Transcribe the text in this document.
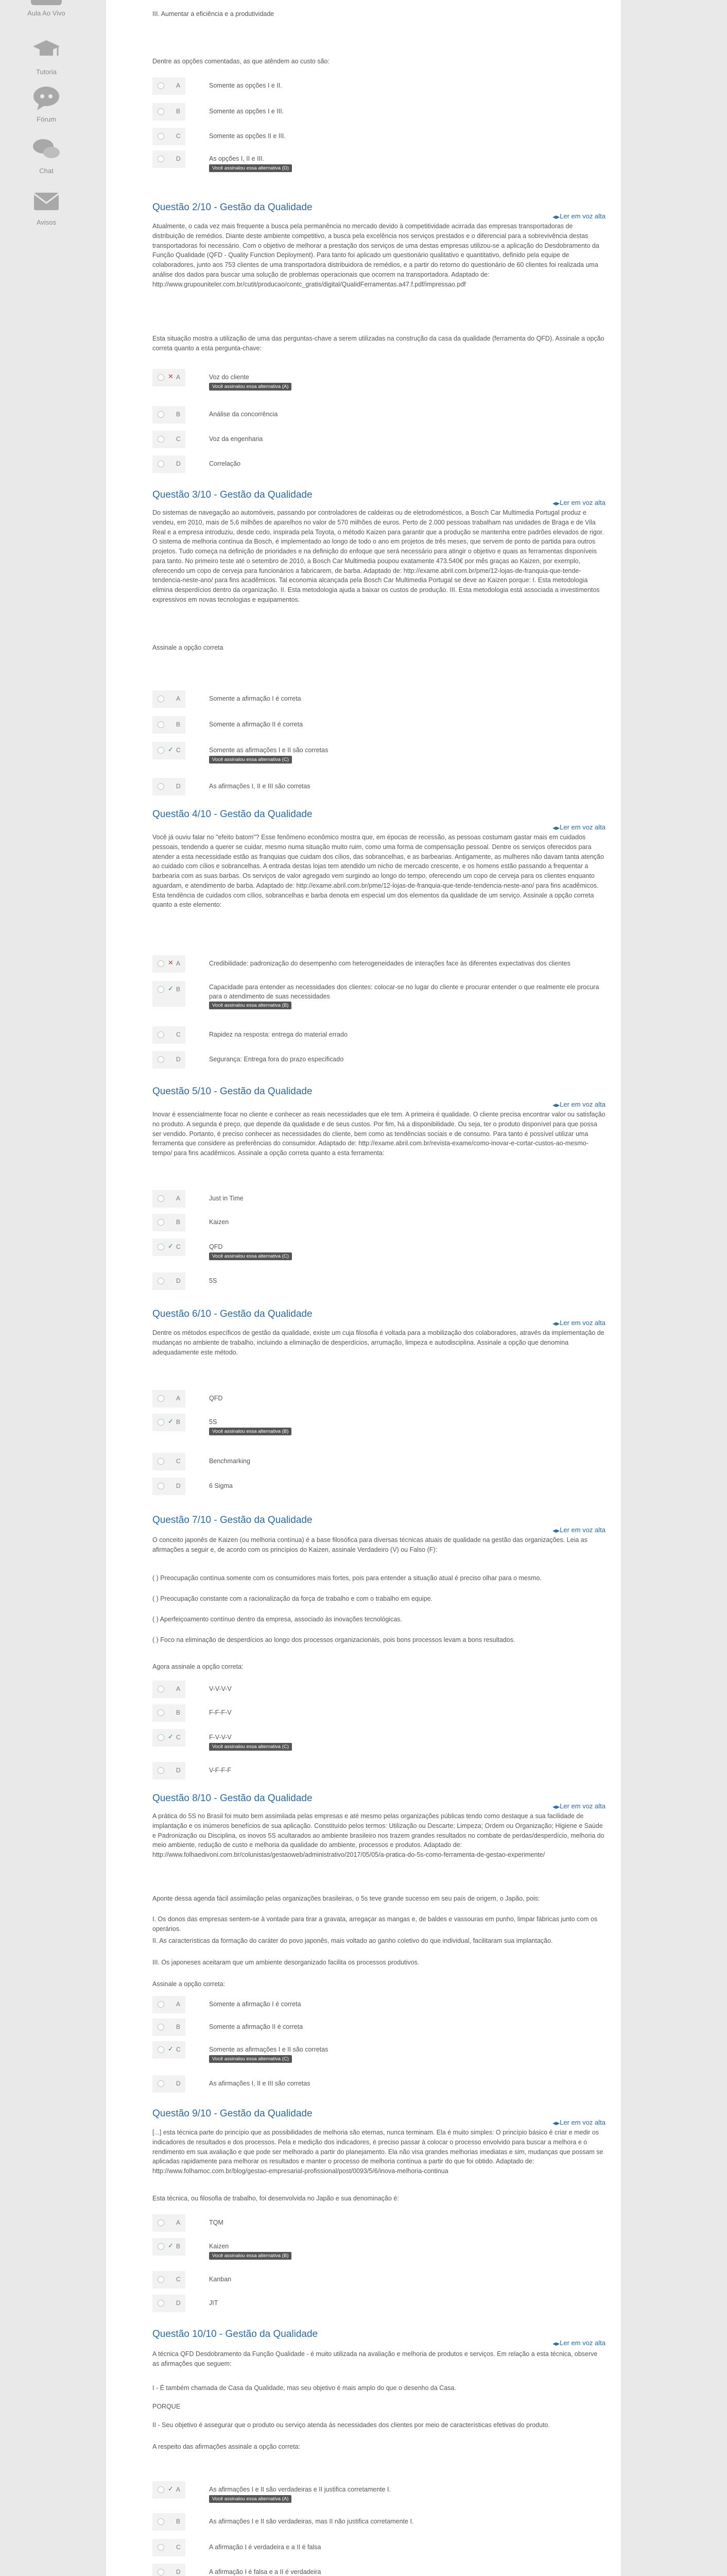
Aula Ao Vivo
Tutoria
Fórum
Chat
Avisos
III. Aumentar a eficiência e a produtividade
Dentre as opções comentadas, as que atêndem ao custo são:
A	Somente as opções I e II.
B	Somente as opções I e III.
C	Somente as opções II e III.
D	As opções I, II e III.
Você assinalou essa alternativa (D)
Questão 2/10 - Gestão da Qualidade
◀▶ Ler em voz alta
Atualmente, o cada vez mais frequente a busca pela permanência no mercado devido à competitividade acirrada das empresas transportadoras de distribuição de remédios. Diante deste ambiente competitivo, a busca pela excelência nos serviços prestados e o diferencial para a sobrevivência destas transportadoras foi necessário. Com o objetivo de melhorar a prestação dos serviços de uma destas empresas utilizou-se a aplicação do Desdobramento da Função Qualidade (QFD - Quality Function Deployment). Para tanto foi aplicado um questionário qualitativo e quantitativo, definido pela equipe de colaboradores, junto aos 753 clientes de uma transportadora distribuidora de remédios, e a partir do retorno do questionário de 60 clientes foi realizada uma análise dos dados para buscar uma solução de problemas operacionais que ocorrem na transportadora. Adaptado de: http://www.grupouniteler.com.br/cutit/producao/contc_gratis/digital/QualidFerramentas.a47.f.pdf/impressao.pdf
Esta situação mostra a utilização de uma das perguntas-chave a serem utilizadas na construção da casa da qualidade (ferramenta do QFD). Assinale a opção correta quanto a esta pergunta-chave:
✕ A	Voz do cliente
Você assinalou essa alternativa (A)
B	Análise da concorrência
C	Voz da engenharia
D	Correlação
Questão 3/10 - Gestão da Qualidade
◀▶ Ler em voz alta
Do sistemas de navegação ao automóveis, passando por controladores de caldeiras ou de eletrodomésticos, a Bosch Car Multimedia Portugal produz e vendeu, em 2010, mais de 5,6 milhões de aparelhos no valor de 570 milhões de euros. Perto de 2.000 pessoas trabalham nas unidades de Braga e de Vila Real e a empresa introduziu, desde cedo, inspirada pela Toyota, o método Kaizen para garantir que a produção se mantenha entre padrões elevados de rigor. O sistema de melhoria contínua da Bosch, é implementado ao longo de todo o ano em projetos de três meses, que servem de ponto de partida para outros projetos. Tudo começa na definição de prioridades e na definição do enfoque que será necessário para atingir o objetivo e quais as ferramentas disponíveis para tanto. No primeiro teste até o setembro de 2010, a Bosch Car Multimedia poupou exatamente 473.540€ por mês graças ao Kaizen, por exemplo, oferecendo um copo de cerveja para funcionários a fabricarem, de barba. Adaptado de: http://exame.abril.com.br/pme/12-lojas-de-franquia-que-tende-tendencia-neste-ano/ para fins acadêmicos. Tal economia alcançada pela Bosch Car Multimedia Portugal se deve ao Kaizen porque: I. Esta metodologia elimina desperdícios dentro da organização. II. Esta metodologia ajuda a baixar os custos de produção. III. Esta metodologia está associada a investimentos expressivos em novas tecnologias e equipamentos.
Assinale a opção correta
A	Somente a afirmação I é correta
B	Somente a afirmação II é correta
✓ C	Somente as afirmações I e II são corretas
Você assinalou essa alternativa (C)
D	As afirmações I, II e III são corretas
Questão 4/10 - Gestão da Qualidade
◀▶ Ler em voz alta
Você já ouviu falar no "efeito batom"? Esse fenômeno econômico mostra que, em épocas de recessão, as pessoas costumam gastar mais em cuidados pessoais, tendendo a querer se cuidar, mesmo numa situação muito ruim, como uma forma de compensação pessoal. Dentre os serviços oferecidos para atender a esta necessidade estão as franquias que cuidam dos cílios, das sobrancelhas, e as barbearias. Antigamente, as mulheres não davam tanta atenção ao cuidado com cílios e sobrancelhas. A entrada destas lojas tem atendido um nicho de mercado crescente, e os homens estão passando a frequentar a barbearia com as suas barbas. Os serviços de valor agregado vem surgindo ao longo do tempo, oferecendo um copo de cerveja para os clientes enquanto aguardam, e atendimento de barba. Adaptado de: http://exame.abril.com.br/pme/12-lojas-de-franquia-que-tende-tendencia-neste-ano/ para fins acadêmicos. Esta tendência de cuidados com cílios, sobrancelhas e barba denota em especial um dos elementos da qualidade de um serviço. Assinale a opção correta quanto a este elemento:
✕ A	Credibilidade: padronização do desempenho com heterogeneidades de interações face às diferentes expectativas dos clientes
✓ B	Capacidade para entender as necessidades dos clientes: colocar-se no lugar do cliente e procurar entender o que realmente ele procura para o atendimento de suas necessidades
Você assinalou essa alternativa (B)
C	Rapidez na resposta: entrega do material errado
D	Segurança: Entrega fora do prazo especificado
Questão 5/10 - Gestão da Qualidade
◀▶ Ler em voz alta
Inovar é essencialmente focar no cliente e conhecer as reais necessidades que ele tem. A primeira é qualidade. O cliente precisa encontrar valor ou satisfação no produto. A segunda é preço, que depende da qualidade e de seus custos. Por fim, há a disponibilidade. Ou seja, ter o produto disponível para que possa ser vendido. Portanto, é preciso conhecer as necessidades do cliente, bem como as tendências sociais e de consumo. Para tanto é possível utilizar uma ferramenta que considere as preferências do consumidor. Adaptado de: http://exame.abril.com.br/revista-exame/como-inovar-e-cortar-custos-ao-mesmo-tempo/ para fins acadêmicos. Assinale a opção correta quanto a esta ferramenta:
A	Just in Time
B	Kaizen
✓ C	QFD
Você assinalou essa alternativa (C)
D	5S
Questão 6/10 - Gestão da Qualidade
◀▶ Ler em voz alta
Dentre os métodos específicos de gestão da qualidade, existe um cuja filosofia é voltada para a mobilização dos colaboradores, através da implementação de mudanças no ambiente de trabalho, incluindo a eliminação de desperdícios, arrumação, limpeza e autodisciplina. Assinale a opção que denomina adequadamente este método.
A	QFD
✓ B	5S
Você assinalou essa alternativa (B)
C	Benchmarking
D	6 Sigma
Questão 7/10 - Gestão da Qualidade
◀▶ Ler em voz alta
O conceito japonês de Kaizen (ou melhoria contínua) é a base filosófica para diversas técnicas atuais de qualidade na gestão das organizações. Leia as afirmações a seguir e, de acordo com os princípios do Kaizen, assinale Verdadeiro (V) ou Falso (F):
( ) Preocupação contínua somente com os consumidores mais fortes, pois para entender a situação atual é preciso olhar para o mesmo.
( ) Preocupação constante com a racionalização da força de trabalho e com o trabalho em equipe.
( ) Aperfeiçoamento contínuo dentro da empresa, associado às inovações tecnológicas.
( ) Foco na eliminação de desperdícios ao longo dos processos organizacionais, pois bons processos levam a bons resultados.
Agora assinale a opção correta:
A	V-V-V-V
B	F-F-F-V
✓ C	F-V-V-V
Você assinalou essa alternativa (C)
D	V-F-F-F
Questão 8/10 - Gestão da Qualidade
◀▶ Ler em voz alta
A prática do 5S no Brasil foi muito bem assimilada pelas empresas e até mesmo pelas organizações públicas tendo como destaque a sua facilidade de implantação e os inúmeros benefícios de sua aplicação. Constituído pelos termos: Utilização ou Descarte; Limpeza; Ordem ou Organização; Higiene e Saúde e Padronização ou Disciplina, os inovos 5S acultarados ao ambiente brasileiro nos trazem grandes resultados no combate de perdas/desperdício, melhoria do meio ambiente, redução de custo e melhoria da qualidade do ambiente, processos e produtos. Adaptado de: http://www.folhaedivoni.com.br/colunistas/gestaoweb/administrativo/2017/05/05/a-pratica-do-5s-como-ferramenta-de-gestao-experimente/
Aponte dessa agenda fácil assimilação pelas organizações brasileiras, o 5s teve grande sucesso em seu país de origem, o Japão, pois:
I. Os donos das empresas sentem-se à vontade para tirar a gravata, arregaçar as mangas e, de baldes e vassouras em punho, limpar fábricas junto com os operários.
II. As características da formação do caráter do povo japonês, mais voltado ao ganho coletivo do que individual, facilitaram sua implantação.
III. Os japoneses aceitaram que um ambiente desorganizado facilita os processos produtivos.
Assinale a opção correta:
A	Somente a afirmação I é correta
B	Somente a afirmação II é correta
✓ C	Somente as afirmações I e II são corretas
Você assinalou essa alternativa (C)
D	As afirmações I, II e III são corretas
Questão 9/10 - Gestão da Qualidade
◀▶ Ler em voz alta
[...] esta técnica parte do princípio que as possibilidades de melhoria são eternas, nunca terminam. Ela é muito simples: O princípio básico é criar e medir os indicadores de resultados e dos processos. Pela e medição dos indicadores, é preciso passar à colocar o processo envolvido para buscar a melhora e o rendimento em sua avaliação e que pode ser melhorado a partir do planejamento. Ela não visa grandes melhorias imediatas e sim, mudanças que possam se aplicadas rapidamente para melhorar os resultados e manter o processo de melhoria contínua a partir do que foi obtido. Adaptado de: http://www.folhamoc.com.br/blog/gestao-empresarial-profissional/post/0093/5/6/inova-melhoria-continua
Esta técnica, ou filosofia de trabalho, foi desenvolvida no Japão e sua denominação é:
A	TQM
✓ B	Kaizen
Você assinalou essa alternativa (B)
C	Kanban
D	JIT
Questão 10/10 - Gestão da Qualidade
◀▶ Ler em voz alta
A técnica QFD Desdobramento da Função Qualidade - é muito utilizada na avaliação e melhoria de produtos e serviços. Em relação a esta técnica, observe as afirmações que seguem:
I - É também chamada de Casa da Qualidade, mas seu objetivo é mais amplo do que o desenho da Casa.
PORQUE
II - Seu objetivo é assegurar que o produto ou serviço atenda às necessidades dos clientes por meio de características efetivas do produto.
A respeito das afirmações assinale a opção correta:
✓ A	As afirmações I e II são verdadeiras e II justifica corretamente I.
Você assinalou essa alternativa (A)
B	As afirmações I e II são verdadeiras, mas II não justifica corretamente I.
C	A afirmação I é verdadeira e a II é falsa
D	A afirmação I é falsa e a II é verdadeira
